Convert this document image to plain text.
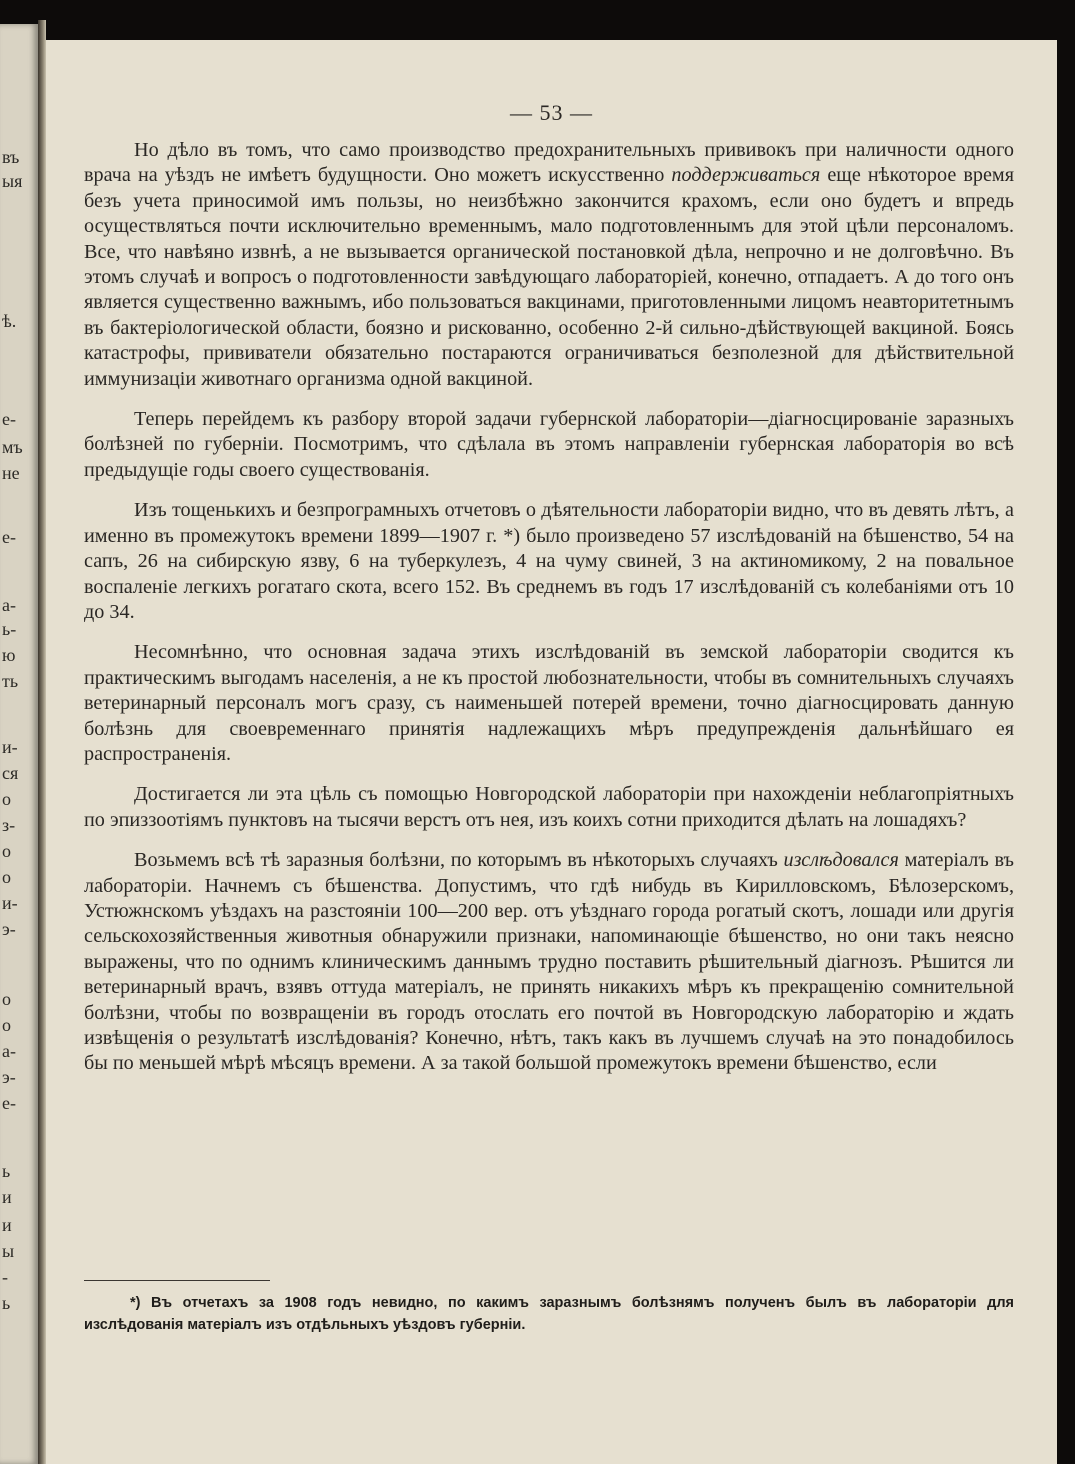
въ
ыя
ѣ.
е-
мъ
не
е-
а-
ь-
ю
ть
и-
ся
о
з-
о
о
и-
э-
о
о
а-
э-
е-
ь
и
и
ы
-
ь
— 53 —

Но дѣло въ томъ, что само производство предохранительныхъ прививокъ при наличности одного врача на уѣздъ не имѣетъ будущности. Оно можетъ искусственно поддерживаться еще нѣкоторое время безъ учета приносимой имъ пользы, но неизбѣжно закончится крахомъ, если оно будетъ и впредь осуществляться почти исключительно временнымъ, мало подготовленнымъ для этой цѣли персоналомъ. Все, что навѣяно извнѣ, а не вызывается органической постановкой дѣла, непрочно и не долговѣчно. Въ этомъ случаѣ и вопросъ о подготовленности завѣдующаго лабораторіей, конечно, отпадаетъ. А до того онъ является существенно важнымъ, ибо пользоваться вакцинами, приготовленными лицомъ неавторитетнымъ въ бактеріологической области, боязно и рискованно, особенно 2-й сильно-дѣйствующей вакциной. Боясь катастрофы, прививатели обязательно постараются ограничиваться безполезной для дѣйствительной иммунизаціи животнаго организма одной вакциной.

Теперь перейдемъ къ разбору второй задачи губернской лабораторіи—діагносцированіе заразныхъ болѣзней по губерніи. Посмотримъ, что сдѣлала въ этомъ направленіи губернская лабораторія во всѣ предыдущіе годы своего существованія.

Изъ тощенькихъ и безпрограмныхъ отчетовъ о дѣятельности лабораторіи видно, что въ девять лѣтъ, а именно въ промежутокъ времени 1899—1907 г. *) было произведено 57 изслѣдованій на бѣшенство, 54 на сапъ, 26 на сибирскую язву, 6 на туберкулезъ, 4 на чуму свиней, 3 на актиномикому, 2 на повальное воспаленіе легкихъ рогатаго скота, всего 152. Въ среднемъ въ годъ 17 изслѣдованій съ колебаніями отъ 10 до 34.

Несомнѣнно, что основная задача этихъ изслѣдованій въ земской лабораторіи сводится къ практическимъ выгодамъ населенія, а не къ простой любознательности, чтобы въ сомнительныхъ случаяхъ ветеринарный персоналъ могъ сразу, съ наименьшей потерей времени, точно діагносцировать данную болѣзнь для своевременнаго принятія надлежащихъ мѣръ предупрежденія дальнѣйшаго ея распространенія.

Достигается ли эта цѣль съ помощью Новгородской лабораторіи при нахожденіи неблагопріятныхъ по эпиззоотіямъ пунктовъ на тысячи верстъ отъ нея, изъ коихъ сотни приходится дѣлать на лошадяхъ?

Возьмемъ всѣ тѣ заразныя болѣзни, по которымъ въ нѣкоторыхъ случаяхъ изслѣдовался матеріалъ въ лабораторіи. Начнемъ съ бѣшенства. Допустимъ, что гдѣ нибудь въ Кирилловскомъ, Бѣлозерскомъ, Устюжнскомъ уѣздахъ на разстояніи 100—200 вер. отъ уѣзднаго города рогатый скотъ, лошади или другія сельскохозяйственныя животныя обнаружили признаки, напоминающіе бѣшенство, но они такъ неясно выражены, что по однимъ клиническимъ даннымъ трудно поставить рѣшительный діагнозъ. Рѣшится ли ветеринарный врачъ, взявъ оттуда матеріалъ, не принять никакихъ мѣръ къ прекращенію сомнительной болѣзни, чтобы по возвращеніи въ городъ отослать его почтой въ Новгородскую лабораторію и ждать извѣщенія о результатѣ изслѣдованія? Конечно, нѣтъ, такъ какъ въ лучшемъ случаѣ на это понадобилось бы по меньшей мѣрѣ мѣсяцъ времени. А за такой большой промежутокъ времени бѣшенство, если

*) Въ отчетахъ за 1908 годъ невидно, по какимъ заразнымъ болѣзнямъ полученъ былъ въ лабораторіи для изслѣдованія матеріалъ изъ отдѣльныхъ уѣздовъ губерніи.
